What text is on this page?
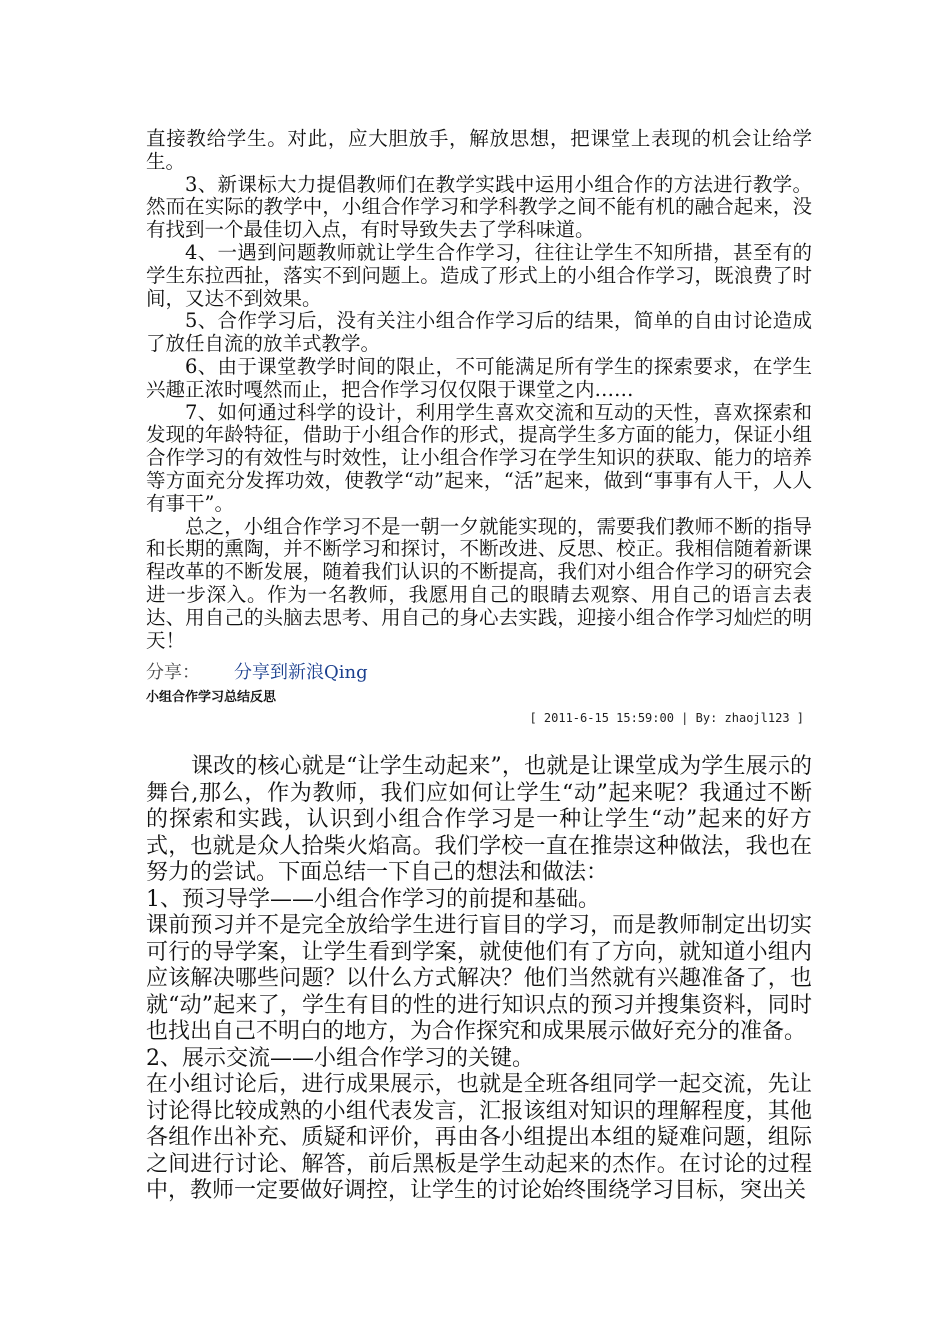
直接教给学生。对此，应大胆放手，解放思想，把课堂上表现的机会让给学生。

3、新课标大力提倡教师们在教学实践中运用小组合作的方法进行教学。然而在实际的教学中，小组合作学习和学科教学之间不能有机的融合起来，没有找到一个最佳切入点，有时导致失去了学科味道。

4、一遇到问题教师就让学生合作学习，往往让学生不知所措，甚至有的学生东拉西扯，落实不到问题上。造成了形式上的小组合作学习，既浪费了时间，又达不到效果。

5、合作学习后，没有关注小组合作学习后的结果，简单的自由讨论造成了放任自流的放羊式教学。

6、由于课堂教学时间的限止，不可能满足所有学生的探索要求，在学生兴趣正浓时嘎然而止，把合作学习仅仅限于课堂之内……

7、如何通过科学的设计，利用学生喜欢交流和互动的天性，喜欢探索和发现的年龄特征，借助于小组合作的形式，提高学生多方面的能力，保证小组合作学习的有效性与时效性，让小组合作学习在学生知识的获取、能力的培养等方面充分发挥功效，使教学“动”起来，“活”起来，做到“事事有人干，人人有事干”。

总之，小组合作学习不是一朝一夕就能实现的，需要我们教师不断的指导和长期的熏陶，并不断学习和探讨，不断改进、反思、校正。我相信随着新课程改革的不断发展，随着我们认识的不断提高，我们对小组合作学习的研究会进一步深入。作为一名教师，我愿用自己的眼睛去观察、用自己的语言去表达、用自己的头脑去思考、用自己的身心去实践，迎接小组合作学习灿烂的明天！

分享： 分享到新浪Qing
小组合作学习总结反思
[ 2011-6-15 15:59:00 | By: zhaojl123 ]

课改的核心就是“让学生动起来”，也就是让课堂成为学生展示的舞台,那么，作为教师，我们应如何让学生“动”起来呢？我通过不断的探索和实践，认识到小组合作学习是一种让学生“动”起来的好方式，也就是众人拾柴火焰高。我们学校一直在推崇这种做法，我也在努力的尝试。下面总结一下自己的想法和做法：

1、预习导学——小组合作学习的前提和基础。

课前预习并不是完全放给学生进行盲目的学习，而是教师制定出切实可行的导学案，让学生看到学案，就使他们有了方向，就知道小组内应该解决哪些问题？以什么方式解决？他们当然就有兴趣准备了，也就“动”起来了，学生有目的性的进行知识点的预习并搜集资料，同时也找出自己不明白的地方，为合作探究和成果展示做好充分的准备。

2、展示交流——小组合作学习的关键。

在小组讨论后，进行成果展示，也就是全班各组同学一起交流，先让讨论得比较成熟的小组代表发言，汇报该组对知识的理解程度，其他各组作出补充、质疑和评价，再由各小组提出本组的疑难问题，组际之间进行讨论、解答，前后黑板是学生动起来的杰作。在讨论的过程中，教师一定要做好调控，让学生的讨论始终围绕学习目标，突出关
